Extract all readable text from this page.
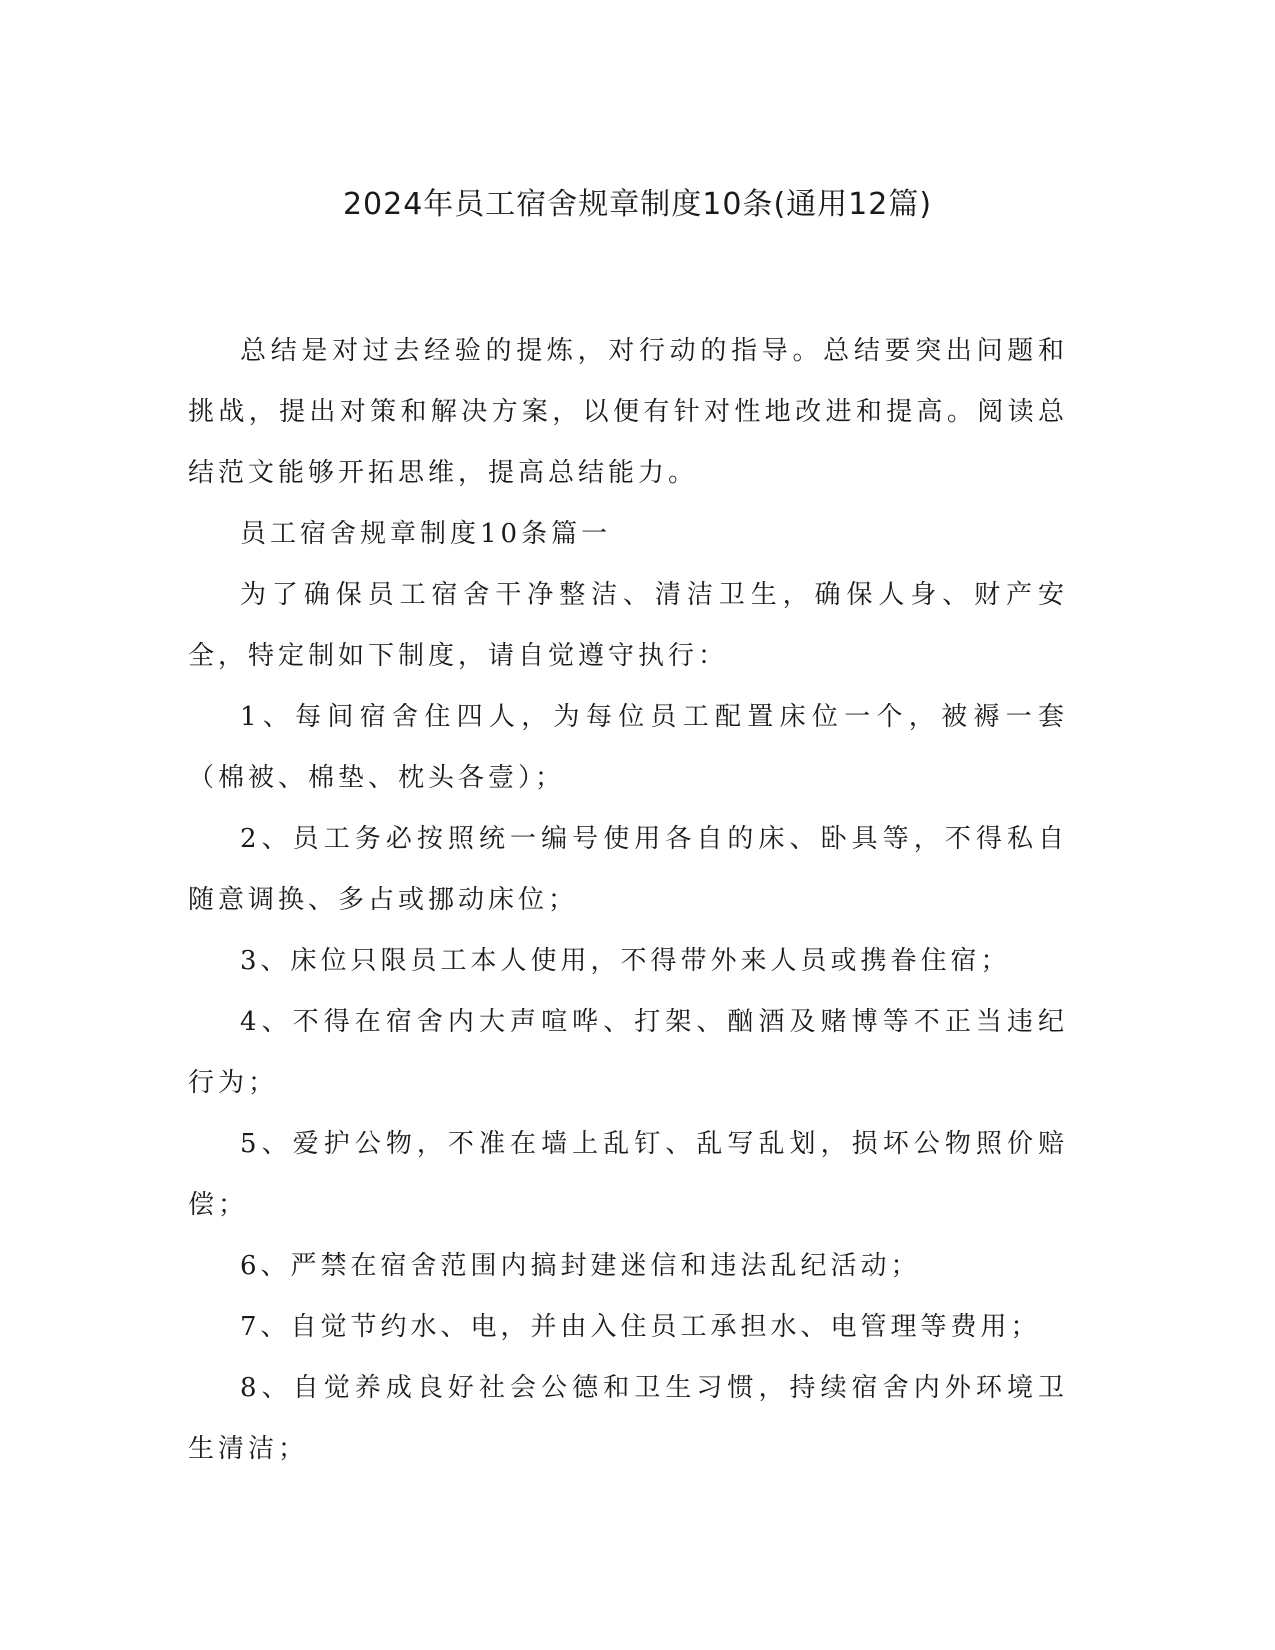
2024年员工宿舍规章制度10条(通用12篇)

总结是对过去经验的提炼，对行动的指导。总结要突出问题和挑战，提出对策和解决方案，以便有针对性地改进和提高。阅读总结范文能够开拓思维，提高总结能力。

员工宿舍规章制度10条篇一

为了确保员工宿舍干净整洁、清洁卫生，确保人身、财产安全，特定制如下制度，请自觉遵守执行：

1、每间宿舍住四人，为每位员工配置床位一个，被褥一套（棉被、棉垫、枕头各壹）；

2、员工务必按照统一编号使用各自的床、卧具等，不得私自随意调换、多占或挪动床位；

3、床位只限员工本人使用，不得带外来人员或携眷住宿；

4、不得在宿舍内大声喧哗、打架、酗酒及赌博等不正当违纪行为；

5、爱护公物，不准在墙上乱钉、乱写乱划，损坏公物照价赔偿；

6、严禁在宿舍范围内搞封建迷信和违法乱纪活动；

7、自觉节约水、电，并由入住员工承担水、电管理等费用；

8、自觉养成良好社会公德和卫生习惯，持续宿舍内外环境卫生清洁；
